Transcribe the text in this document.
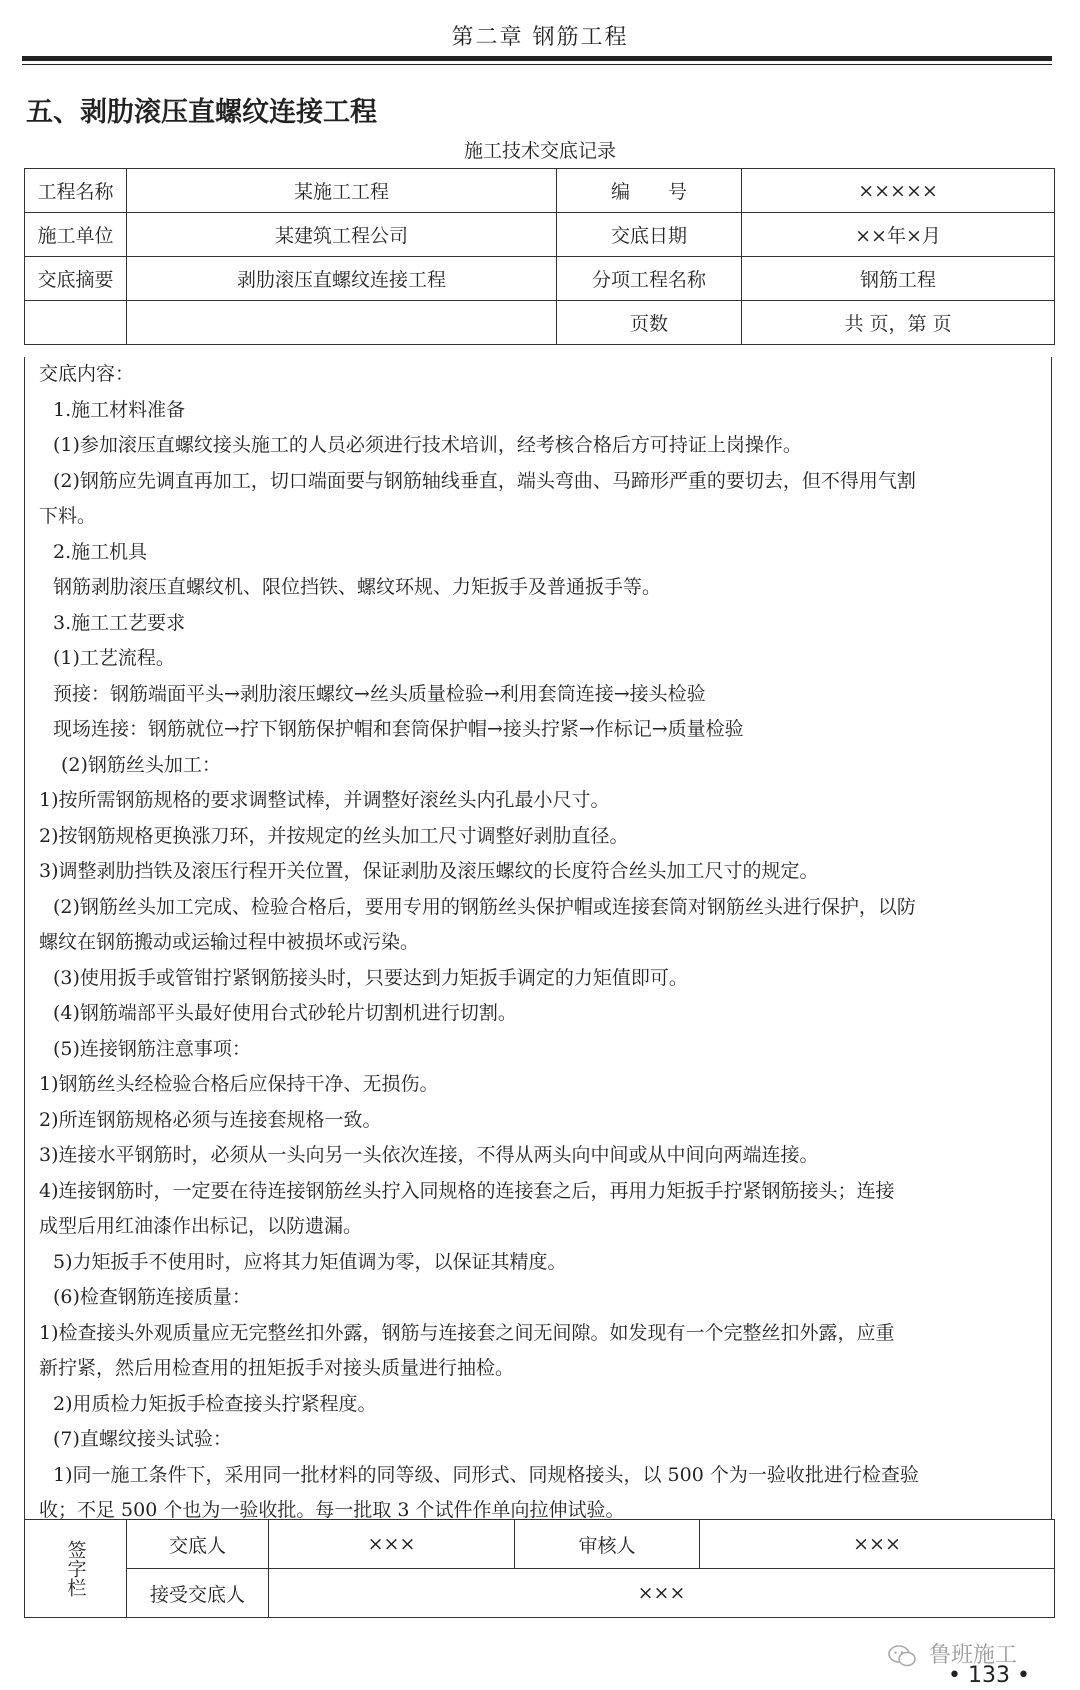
第二章 钢筋工程
五、剥肋滚压直螺纹连接工程
施工技术交底记录
工程名称	某施工工程	编　　号	×××××
施工单位	某建筑工程公司	交底日期	××年×月
交底摘要	剥肋滚压直螺纹连接工程	分项工程名称	钢筋工程
		页数	共 页，第 页

交底内容：

1.施工材料准备

(1)参加滚压直螺纹接头施工的人员必须进行技术培训，经考核合格后方可持证上岗操作。

(2)钢筋应先调直再加工，切口端面要与钢筋轴线垂直，端头弯曲、马蹄形严重的要切去，但不得用气割

下料。

2.施工机具

钢筋剥肋滚压直螺纹机、限位挡铁、螺纹环规、力矩扳手及普通扳手等。

3.施工工艺要求

(1)工艺流程。

预接：钢筋端面平头→剥肋滚压螺纹→丝头质量检验→利用套筒连接→接头检验

现场连接：钢筋就位→拧下钢筋保护帽和套筒保护帽→接头拧紧→作标记→质量检验

(2)钢筋丝头加工：

1)按所需钢筋规格的要求调整试棒，并调整好滚丝头内孔最小尺寸。

2)按钢筋规格更换涨刀环，并按规定的丝头加工尺寸调整好剥肋直径。

3)调整剥肋挡铁及滚压行程开关位置，保证剥肋及滚压螺纹的长度符合丝头加工尺寸的规定。

(2)钢筋丝头加工完成、检验合格后，要用专用的钢筋丝头保护帽或连接套筒对钢筋丝头进行保护，以防

螺纹在钢筋搬动或运输过程中被损坏或污染。

(3)使用扳手或管钳拧紧钢筋接头时，只要达到力矩扳手调定的力矩值即可。

(4)钢筋端部平头最好使用台式砂轮片切割机进行切割。

(5)连接钢筋注意事项：

1)钢筋丝头经检验合格后应保持干净、无损伤。

2)所连钢筋规格必须与连接套规格一致。

3)连接水平钢筋时，必须从一头向另一头依次连接，不得从两头向中间或从中间向两端连接。

4)连接钢筋时，一定要在待连接钢筋丝头拧入同规格的连接套之后，再用力矩扳手拧紧钢筋接头；连接

成型后用红油漆作出标记，以防遗漏。

5)力矩扳手不使用时，应将其力矩值调为零，以保证其精度。

(6)检查钢筋连接质量：

1)检查接头外观质量应无完整丝扣外露，钢筋与连接套之间无间隙。如发现有一个完整丝扣外露，应重

新拧紧，然后用检查用的扭矩扳手对接头质量进行抽检。

2)用质检力矩扳手检查接头拧紧程度。

(7)直螺纹接头试验：

1)同一施工条件下，采用同一批材料的同等级、同形式、同规格接头，以 500 个为一验收批进行检查验

收；不足 500 个也为一验收批。每一批取 3 个试件作单向拉伸试验。

签字栏	交底人	×××	审核人	×××
	接受交底人	×××		
鲁班施工
• 133 •
